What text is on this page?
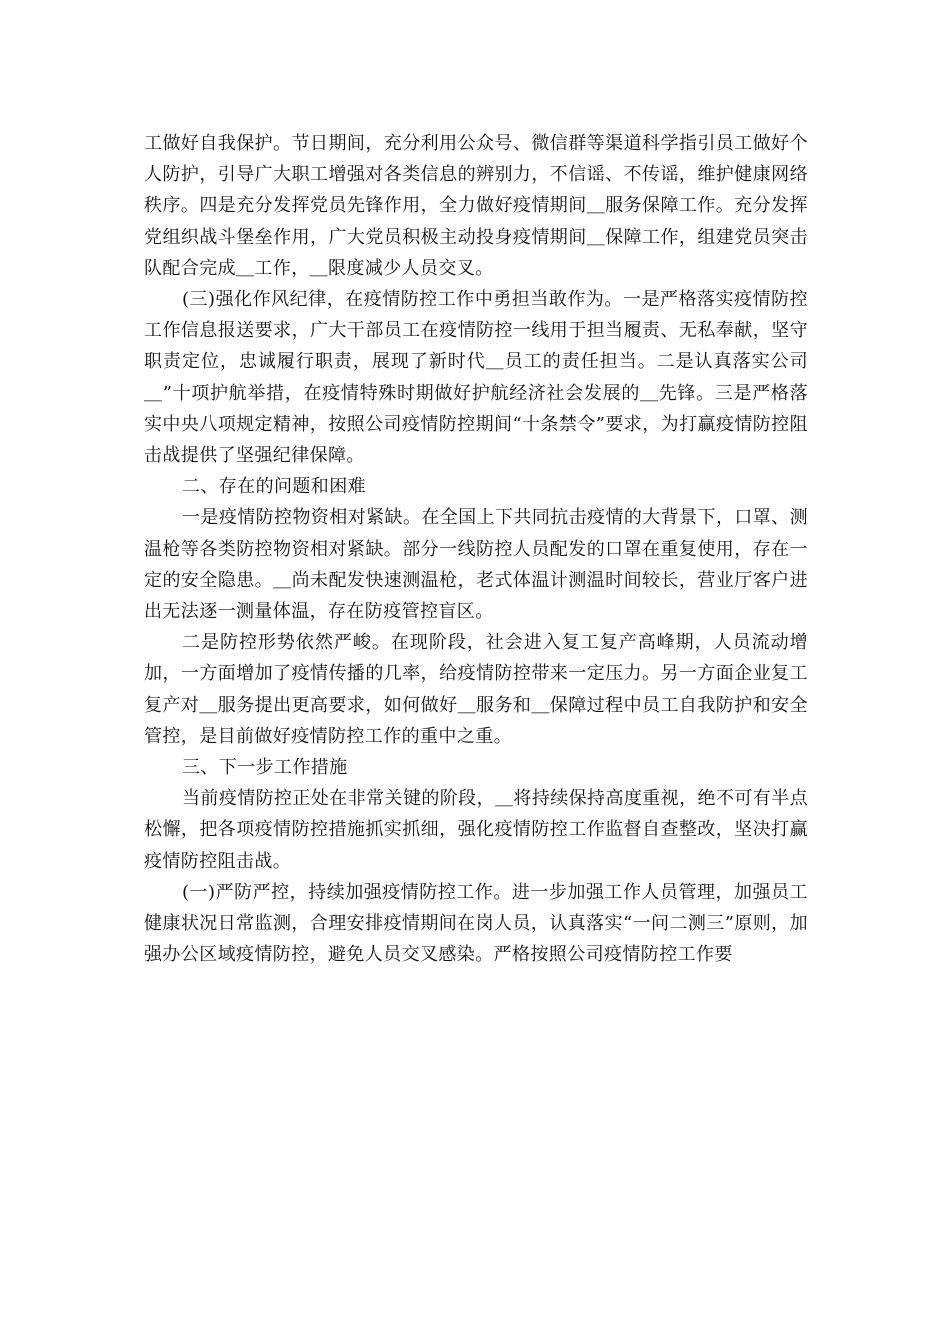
工做好自我保护。节日期间，充分利用公众号、微信群等渠道科学指引员工做好个人防护，引导广大职工增强对各类信息的辨别力，不信谣、不传谣，维护健康网络秩序。四是充分发挥党员先锋作用，全力做好疫情期间＿服务保障工作。充分发挥党组织战斗堡垒作用，广大党员积极主动投身疫情期间＿保障工作，组建党员突击队配合完成＿工作，＿限度减少人员交叉。

(三)强化作风纪律，在疫情防控工作中勇担当敢作为。一是严格落实疫情防控工作信息报送要求，广大干部员工在疫情防控一线用于担当履责、无私奉献，坚守职责定位，忠诚履行职责，展现了新时代＿员工的责任担当。二是认真落实公司＿”十项护航举措，在疫情特殊时期做好护航经济社会发展的＿先锋。三是严格落实中央八项规定精神，按照公司疫情防控期间“十条禁令”要求，为打赢疫情防控阻击战提供了坚强纪律保障。

二、存在的问题和困难

一是疫情防控物资相对紧缺。在全国上下共同抗击疫情的大背景下，口罩、测温枪等各类防控物资相对紧缺。部分一线防控人员配发的口罩在重复使用，存在一定的安全隐患。＿尚未配发快速测温枪，老式体温计测温时间较长，营业厅客户进出无法逐一测量体温，存在防疫管控盲区。

二是防控形势依然严峻。在现阶段，社会进入复工复产高峰期，人员流动增加，一方面增加了疫情传播的几率，给疫情防控带来一定压力。另一方面企业复工复产对＿服务提出更高要求，如何做好＿服务和＿保障过程中员工自我防护和安全管控，是目前做好疫情防控工作的重中之重。

三、下一步工作措施

当前疫情防控正处在非常关键的阶段，＿将持续保持高度重视，绝不可有半点松懈，把各项疫情防控措施抓实抓细，强化疫情防控工作监督自查整改，坚决打赢疫情防控阻击战。

(一)严防严控，持续加强疫情防控工作。进一步加强工作人员管理，加强员工健康状况日常监测，合理安排疫情期间在岗人员，认真落实“一问二测三”原则，加强办公区域疫情防控，避免人员交叉感染。严格按照公司疫情防控工作要
